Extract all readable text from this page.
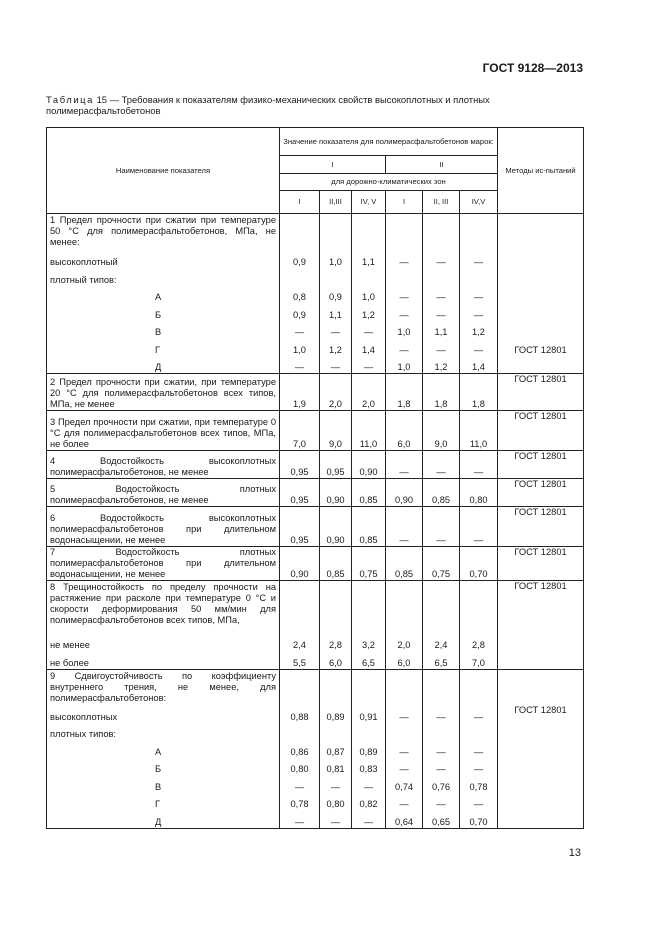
ГОСТ 9128—2013
Таблица 15 — Требования к показателям физико-механических свойств высокоплотных и плотных полимерасфальтобетонов
Наименование показателя	Значение показателя для полимерасфальтобетонов марок:						Методы ис-пытаний
	I			II			
	для дорожно-климатических зон						
	I	II,III	IV, V	I	II, III	IV,V	
1 Предел прочности при сжатии при температуре 50 °С для полимерасфальтобетонов, МПа, не менее:							
высокоплотный	0,9	1,0	1,1	—	—	—	
плотный типов:							
А	0,8	0,9	1,0	—	—	—	
Б	0,9	1,1	1,2	—	—	—	
В	—	—	—	1,0	1,1	1,2	
Г	1,0	1,2	1,4	—	—	—	ГОСТ 12801
Д	—	—	—	1,0	1,2	1,4	
2 Предел прочности при сжатии, при температуре 20 °С для полимерасфальтобетонов всех типов, МПа, не менее	1,9	2,0	2,0	1,8	1,8	1,8	ГОСТ 12801
3 Предел прочности при сжатии, при температуре 0 °С для полимерасфальтобетонов всех типов, МПа, не более	7,0	9,0	11,0	6,0	9,0	11,0	ГОСТ 12801
4 Водостойкость высокоплотных полимерасфальтобетонов, не менее	0,95	0,95	0,90	—	—	—	ГОСТ 12801
5 Водостойкость плотных полимерасфальтобетонов, не менее	0,95	0,90	0,85	0,90	0,85	0,80	ГОСТ 12801
6 Водостойкость высокоплотных полимерасфальтобетонов при длительном водонасыщении, не менее	0,95	0,90	0,85	—	—	—	ГОСТ 12801
7 Водостойкость плотных полимерасфальтобетонов при длительном водонасыщении, не менее	0,90	0,85	0,75	0,85	0,75	0,70	ГОСТ 12801
8 Трещиностойкость по пределу прочности на растяжение при расколе при температуре 0 °С и скорости деформирования 50 мм/мин для полимерасфальтобетонов всех типов, МПа,							ГОСТ 12801
не менее	2,4	2,8	3,2	2,0	2,4	2,8	
не более	5,5	6,0	6,5	6,0	6,5	7,0	
9 Сдвигоустойчивость по коэффициенту внутреннего трения, не менее, для полимерасфальтобетонов:							
высокоплотных	0,88	0,89	0,91	—	—	—	ГОСТ 12801
плотных типов:							
А	0,86	0,87	0,89	—	—	—	
Б	0,80	0,81	0,83	—	—	—	
В	—	—	—	0,74	0,76	0,78	
Г	0,78	0,80	0,82	—	—	—	
Д	—	—	—	0,64	0,65	0,70	
13
